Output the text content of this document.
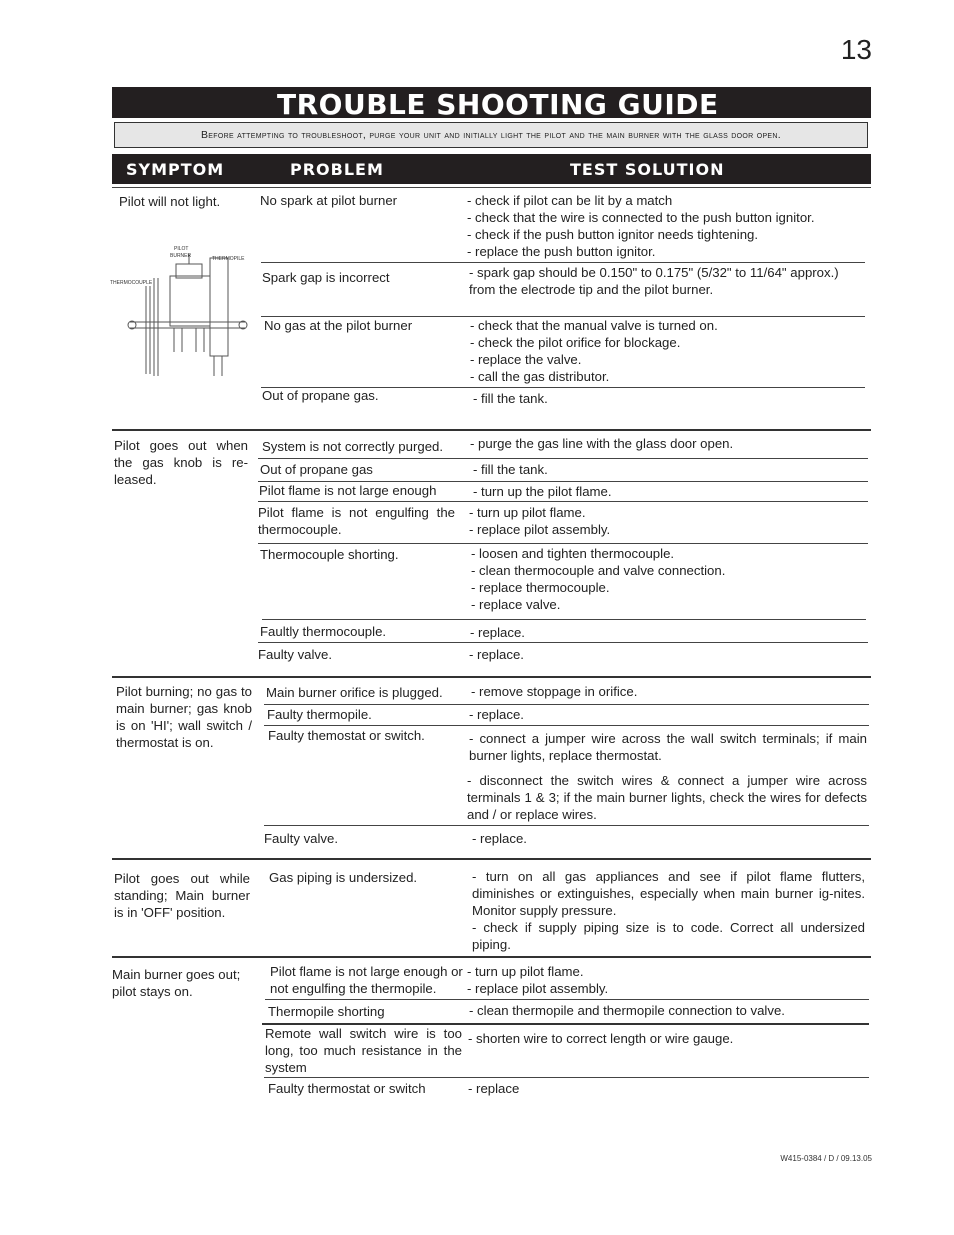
13
TROUBLE SHOOTING GUIDE
Before attempting to troubleshoot, purge your unit and initially light the pilot and the main burner with the glass door open.
SYMPTOM	PROBLEM	TEST SOLUTION
Pilot will not light.
PILOT BURNER	THERMOPILE
THERMOCOUPLE
No spark at pilot burner	- check if pilot can be lit by a match
- check that the wire is connected to the push button ignitor.
- check if the push button ignitor needs tightening.
- replace the push button ignitor.
Spark gap is incorrect	- spark gap should be 0.150" to 0.175" (5/32" to 11/64" approx.) from the electrode tip and the pilot burner.
No gas at the pilot burner	- check that the manual valve is turned on.
- check the pilot orifice for blockage.
- replace the valve.
- call the gas distributor.
Out of propane gas.	- fill the tank.
Pilot goes out when the gas knob is re-leased.
System is not correctly purged. - purge the gas line with the glass door open.
Out of propane gas	- fill the tank.
Pilot flame is not large enough	- turn up the pilot flame.
Pilot flame is not engulfing the thermocouple.
- turn up pilot flame.
- replace pilot assembly.
Thermocouple shorting.	- loosen and tighten thermocouple.
- clean thermocouple and valve connection.
- replace thermocouple.
- replace valve.
Faultly thermocouple.	- replace.
Faulty valve.	- replace.
Pilot burning; no gas to main burner; gas knob is on 'HI'; wall switch / thermostat is on.
Main burner orifice is plugged. - remove stoppage in orifice.
Faulty thermopile.	- replace.
Faulty themostat or switch.	- connect a jumper wire across the wall switch terminals; if main burner lights, replace thermostat.
- disconnect the switch wires & connect a jumper wire across terminals 1 & 3; if the main burner lights, check the wires for defects and / or replace wires.
Faulty valve.	- replace.
Pilot goes out while standing; Main burner is in 'OFF' position.
Gas piping is undersized.	- turn on all gas appliances and see if pilot flame flutters, diminishes or extinguishes, especially when main burner ig-nites. Monitor supply pressure.
- check if supply piping size is to code. Correct all undersized piping.
Main burner goes out; pilot stays on.
Pilot flame is not large enough or not engulfing the thermopile.
- turn up pilot flame.
- replace pilot assembly.
Thermopile shorting	- clean thermopile and thermopile connection to valve.
Remote wall switch wire is too long, too much resistance in the system
- shorten wire to correct length or wire gauge.
Faulty thermostat or switch	- replace
W415-0384 / D / 09.13.05
